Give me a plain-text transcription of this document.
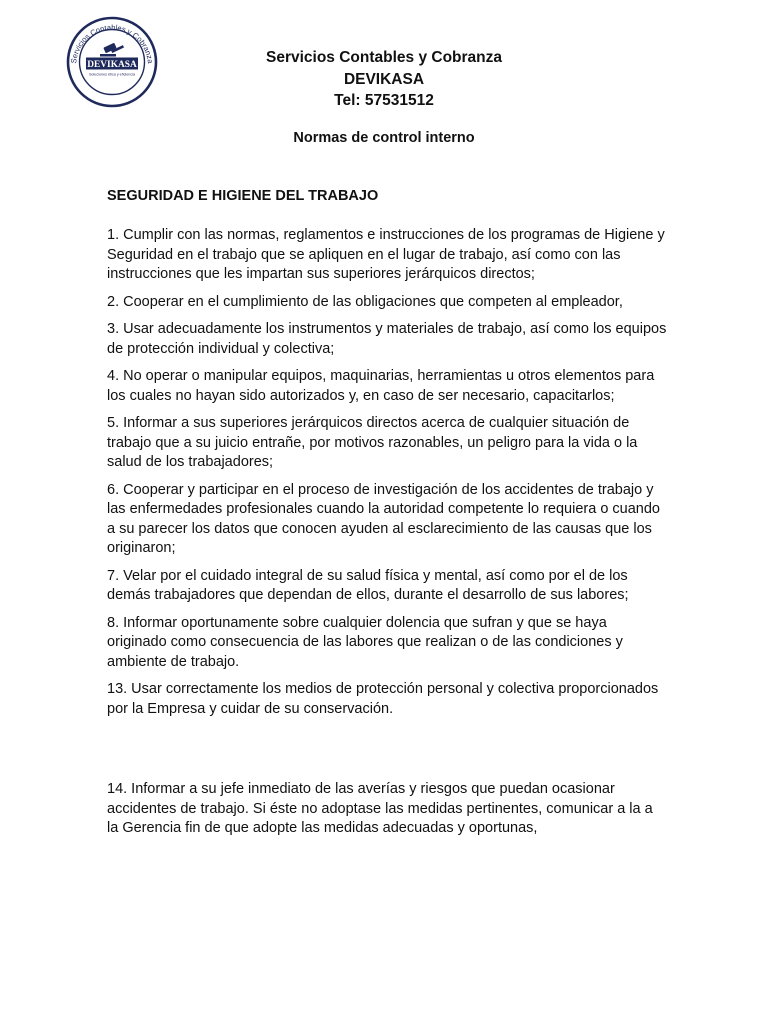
Servicios Contables y Cobranza
DEVIKASA
Soluciones ética y eficiencia
Servicios Contables y Cobranza
DEVIKASA
Tel: 57531512
Normas de control interno
SEGURIDAD E HIGIENE DEL TRABAJO

1. Cumplir con las normas, reglamentos e instrucciones de los programas de Higiene y Seguridad en el trabajo que se apliquen en el lugar de trabajo, así como con las instrucciones que les impartan sus superiores jerárquicos directos;

2. Cooperar en el cumplimiento de las obligaciones que competen al empleador,

3. Usar adecuadamente los instrumentos y materiales de trabajo, así como los equipos de protección individual y colectiva;

4. No operar o manipular equipos, maquinarias, herramientas u otros elementos para los cuales no hayan sido autorizados y, en caso de ser necesario, capacitarlos;

5. Informar a sus superiores jerárquicos directos acerca de cualquier situación de trabajo que a su juicio entrañe, por motivos razonables, un peligro para la vida o la salud de los trabajadores;

6. Cooperar y participar en el proceso de investigación de los accidentes de trabajo y las enfermedades profesionales cuando la autoridad competente lo requiera o cuando a su parecer los datos que conocen ayuden al esclarecimiento de las causas que los originaron;

7. Velar por el cuidado integral de su salud física y mental, así como por el de los demás trabajadores que dependan de ellos, durante el desarrollo de sus labores;

8. Informar oportunamente sobre cualquier dolencia que sufran y que se haya originado como consecuencia de las labores que realizan o de las condiciones y ambiente de trabajo.

13. Usar correctamente los medios de protección personal y colectiva proporcionados por la Empresa y cuidar de su conservación.

14. Informar a su jefe inmediato de las averías y riesgos que puedan ocasionar accidentes de trabajo. Si éste no adoptase las medidas pertinentes, comunicar a la a la Gerencia fin de que adopte las medidas adecuadas y oportunas,
